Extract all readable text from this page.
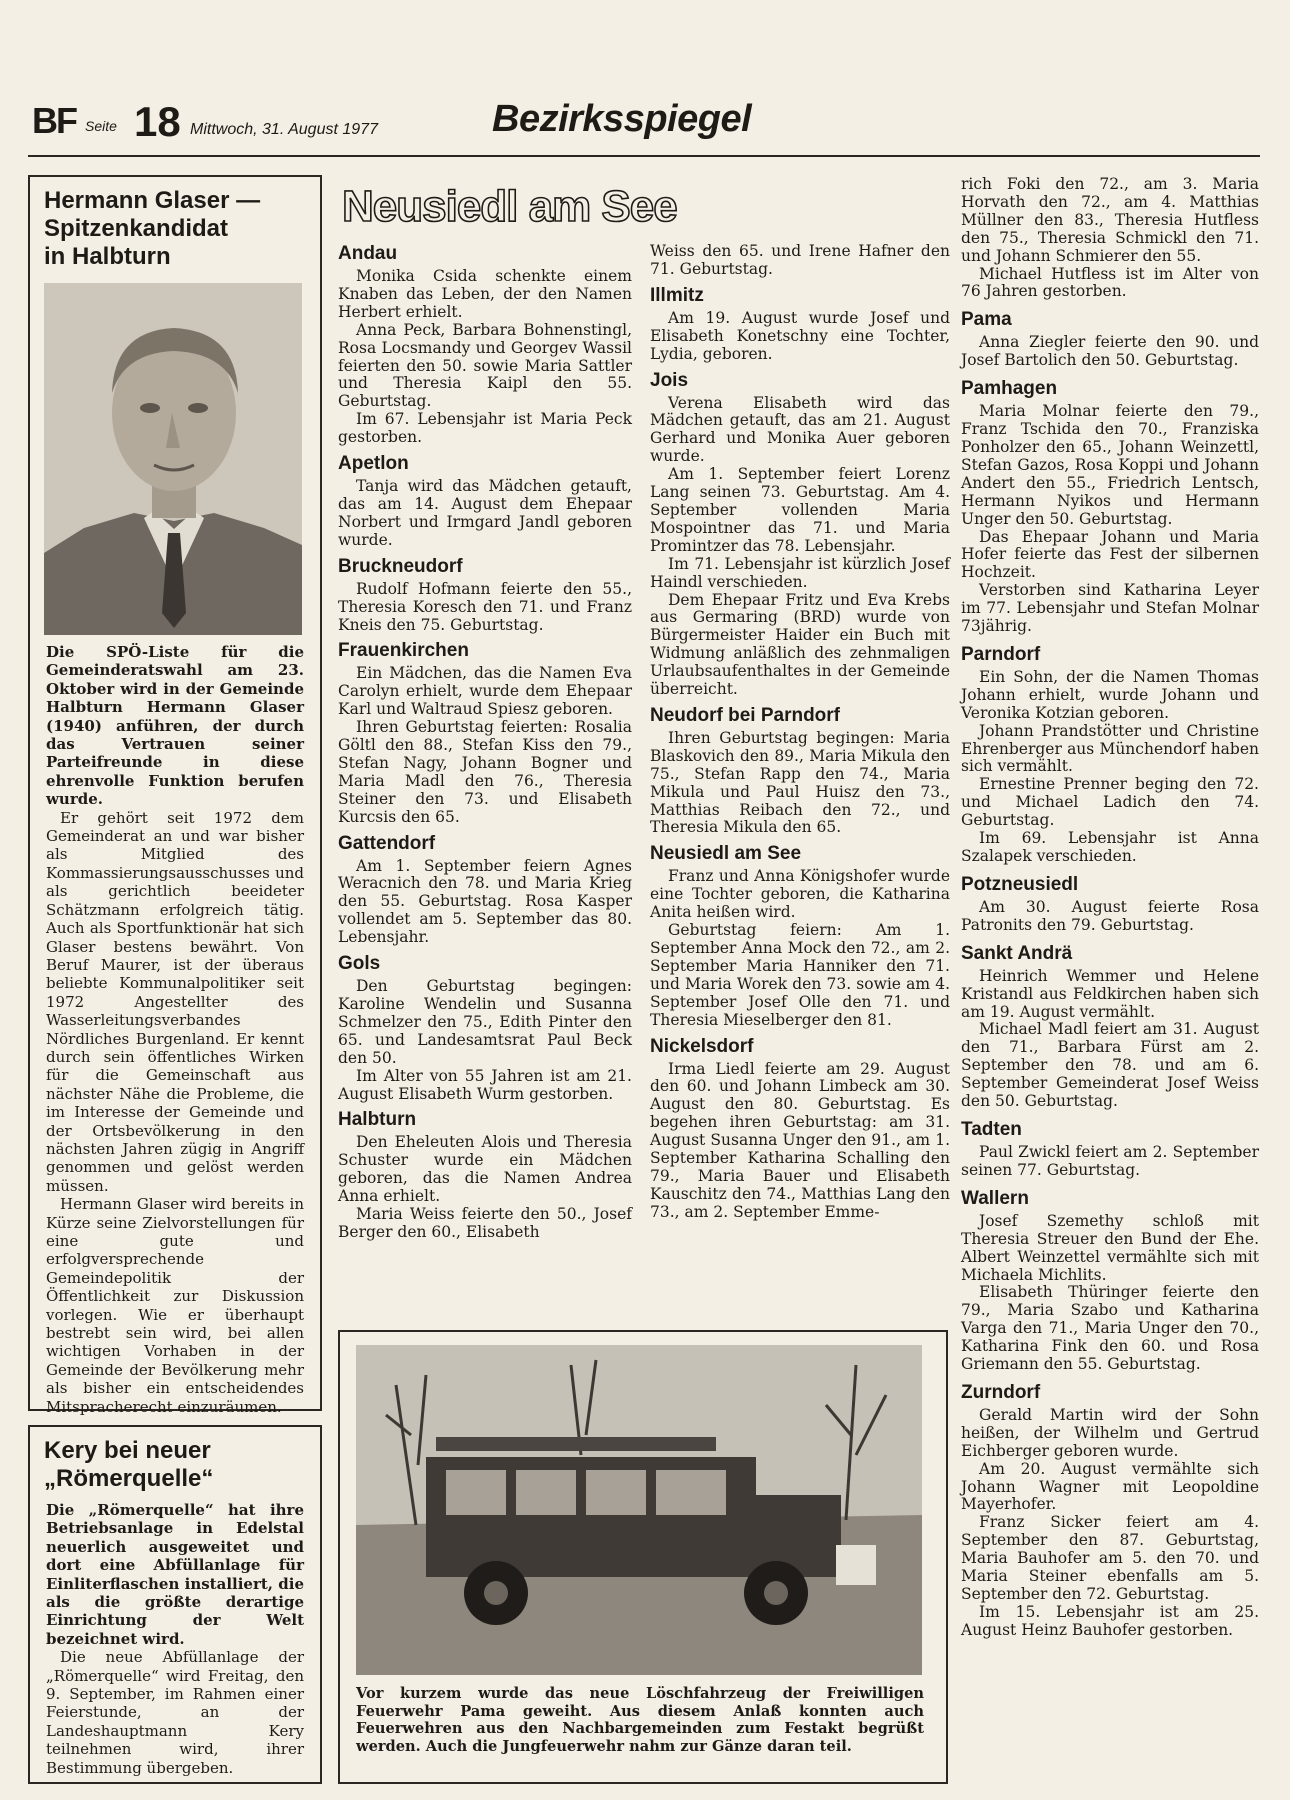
BF Seite 18 Mittwoch, 31. August 1977	Bezirksspiegel
Hermann Glaser —
Spitzenkandidat
in Halbturn

Die SPÖ-Liste für die Gemeinderatswahl am 23. Oktober wird in der Gemeinde Halbturn Hermann Glaser (1940) anführen, der durch das Vertrauen seiner Parteifreunde in diese ehrenvolle Funktion berufen wurde.

Er gehört seit 1972 dem Gemeinderat an und war bisher als Mitglied des Kommassierungsausschusses und als gerichtlich beeideter Schätzmann erfolgreich tätig. Auch als Sportfunktionär hat sich Glaser bestens bewährt. Von Beruf Maurer, ist der überaus beliebte Kommunalpolitiker seit 1972 Angestellter des Wasserleitungsverbandes Nördliches Burgenland. Er kennt durch sein öffentliches Wirken für die Gemeinschaft aus nächster Nähe die Probleme, die im Interesse der Gemeinde und der Ortsbevölkerung in den nächsten Jahren zügig in Angriff genommen und gelöst werden müssen.

Hermann Glaser wird bereits in Kürze seine Zielvorstellungen für eine gute und erfolgversprechende Gemeindepolitik der Öffentlichkeit zur Diskussion vorlegen. Wie er überhaupt bestrebt sein wird, bei allen wichtigen Vorhaben in der Gemeinde der Bevölkerung mehr als bisher ein entscheidendes Mitspracherecht einzuräumen.

Kery bei neuer
„Römerquelle“

Die „Römerquelle“ hat ihre Betriebsanlage in Edelstal neuerlich ausgeweitet und dort eine Abfüllanlage für Einliterflaschen installiert, die als die größte derartige Einrichtung der Welt bezeichnet wird.

Die neue Abfüllanlage der „Römerquelle“ wird Freitag, den 9. September, im Rahmen einer Feierstunde, an der Landeshauptmann Kery teilnehmen wird, ihrer Bestimmung übergeben.

Neusiedl am See
Andau

Monika Csida schenkte einem Knaben das Leben, der den Namen Herbert erhielt.

Anna Peck, Barbara Bohnenstingl, Rosa Locsmandy und Georgev Wassil feierten den 50. sowie Maria Sattler und Theresia Kaipl den 55. Geburtstag.

Im 67. Lebensjahr ist Maria Peck gestorben.

Apetlon

Tanja wird das Mädchen getauft, das am 14. August dem Ehepaar Norbert und Irmgard Jandl geboren wurde.

Bruckneudorf

Rudolf Hofmann feierte den 55., Theresia Koresch den 71. und Franz Kneis den 75. Geburtstag.

Frauenkirchen

Ein Mädchen, das die Namen Eva Carolyn erhielt, wurde dem Ehepaar Karl und Waltraud Spiesz geboren.

Ihren Geburtstag feierten: Rosalia Göltl den 88., Stefan Kiss den 79., Stefan Nagy, Johann Bogner und Maria Madl den 76., Theresia Steiner den 73. und Elisabeth Kurcsis den 65.

Gattendorf

Am 1. September feiern Agnes Weracnich den 78. und Maria Krieg den 55. Geburtstag. Rosa Kasper vollendet am 5. September das 80. Lebensjahr.

Gols

Den Geburtstag begingen: Karoline Wendelin und Susanna Schmelzer den 75., Edith Pinter den 65. und Landesamtsrat Paul Beck den 50.

Im Alter von 55 Jahren ist am 21. August Elisabeth Wurm gestorben.

Halbturn

Den Eheleuten Alois und Theresia Schuster wurde ein Mädchen geboren, das die Namen Andrea Anna erhielt.

Maria Weiss feierte den 50., Josef Berger den 60., Elisabeth

Weiss den 65. und Irene Hafner den 71. Geburtstag.

Illmitz

Am 19. August wurde Josef und Elisabeth Konetschny eine Tochter, Lydia, geboren.

Jois

Verena Elisabeth wird das Mädchen getauft, das am 21. August Gerhard und Monika Auer geboren wurde.

Am 1. September feiert Lorenz Lang seinen 73. Geburtstag. Am 4. September vollenden Maria Mospointner das 71. und Maria Promintzer das 78. Lebensjahr.

Im 71. Lebensjahr ist kürzlich Josef Haindl verschieden.

Dem Ehepaar Fritz und Eva Krebs aus Germaring (BRD) wurde von Bürgermeister Haider ein Buch mit Widmung anläßlich des zehnmaligen Urlaubsaufenthaltes in der Gemeinde überreicht.

Neudorf bei Parndorf

Ihren Geburtstag begingen: Maria Blaskovich den 89., Maria Mikula den 75., Stefan Rapp den 74., Maria Mikula und Paul Huisz den 73., Matthias Reibach den 72., und Theresia Mikula den 65.

Neusiedl am See

Franz und Anna Königshofer wurde eine Tochter geboren, die Katharina Anita heißen wird.

Geburtstag feiern: Am 1. September Anna Mock den 72., am 2. September Maria Hanniker den 71. und Maria Worek den 73. sowie am 4. September Josef Olle den 71. und Theresia Mieselberger den 81.

Nickelsdorf

Irma Liedl feierte am 29. August den 60. und Johann Limbeck am 30. August den 80. Geburtstag. Es begehen ihren Geburtstag: am 31. August Susanna Unger den 91., am 1. September Katharina Schalling den 79., Maria Bauer und Elisabeth Kauschitz den 74., Matthias Lang den 73., am 2. September Emme-

rich Foki den 72., am 3. Maria Horvath den 72., am 4. Matthias Müllner den 83., Theresia Hutfless den 75., Theresia Schmickl den 71. und Johann Schmierer den 55.

Michael Hutfless ist im Alter von 76 Jahren gestorben.

Pama

Anna Ziegler feierte den 90. und Josef Bartolich den 50. Geburtstag.

Pamhagen

Maria Molnar feierte den 79., Franz Tschida den 70., Franziska Ponholzer den 65., Johann Weinzettl, Stefan Gazos, Rosa Koppi und Johann Andert den 55., Friedrich Lentsch, Hermann Nyikos und Hermann Unger den 50. Geburtstag.

Das Ehepaar Johann und Maria Hofer feierte das Fest der silbernen Hochzeit.

Verstorben sind Katharina Leyer im 77. Lebensjahr und Stefan Molnar 73jährig.

Parndorf

Ein Sohn, der die Namen Thomas Johann erhielt, wurde Johann und Veronika Kotzian geboren.

Johann Prandstötter und Christine Ehrenberger aus Münchendorf haben sich vermählt.

Ernestine Prenner beging den 72. und Michael Ladich den 74. Geburtstag.

Im 69. Lebensjahr ist Anna Szalapek verschieden.

Potzneusiedl

Am 30. August feierte Rosa Patronits den 79. Geburtstag.

Sankt Andrä

Heinrich Wemmer und Helene Kristandl aus Feldkirchen haben sich am 19. August vermählt.

Michael Madl feiert am 31. August den 71., Barbara Fürst am 2. September den 78. und am 6. September Gemeinderat Josef Weiss den 50. Geburtstag.

Tadten

Paul Zwickl feiert am 2. September seinen 77. Geburtstag.

Wallern

Josef Szemethy schloß mit Theresia Streuer den Bund der Ehe. Albert Weinzettel vermählte sich mit Michaela Michlits.

Elisabeth Thüringer feierte den 79., Maria Szabo und Katharina Varga den 71., Maria Unger den 70., Katharina Fink den 60. und Rosa Griemann den 55. Geburtstag.

Zurndorf

Gerald Martin wird der Sohn heißen, der Wilhelm und Gertrud Eichberger geboren wurde.

Am 20. August vermählte sich Johann Wagner mit Leopoldine Mayerhofer.

Franz Sicker feiert am 4. September den 87. Geburtstag, Maria Bauhofer am 5. den 70. und Maria Steiner ebenfalls am 5. September den 72. Geburtstag.

Im 15. Lebensjahr ist am 25. August Heinz Bauhofer gestorben.

Vor kurzem wurde das neue Löschfahrzeug der Freiwilligen Feuerwehr Pama geweiht. Aus diesem Anlaß konnten auch Feuerwehren aus den Nachbargemeinden zum Festakt begrüßt werden. Auch die Jungfeuerwehr nahm zur Gänze daran teil.
